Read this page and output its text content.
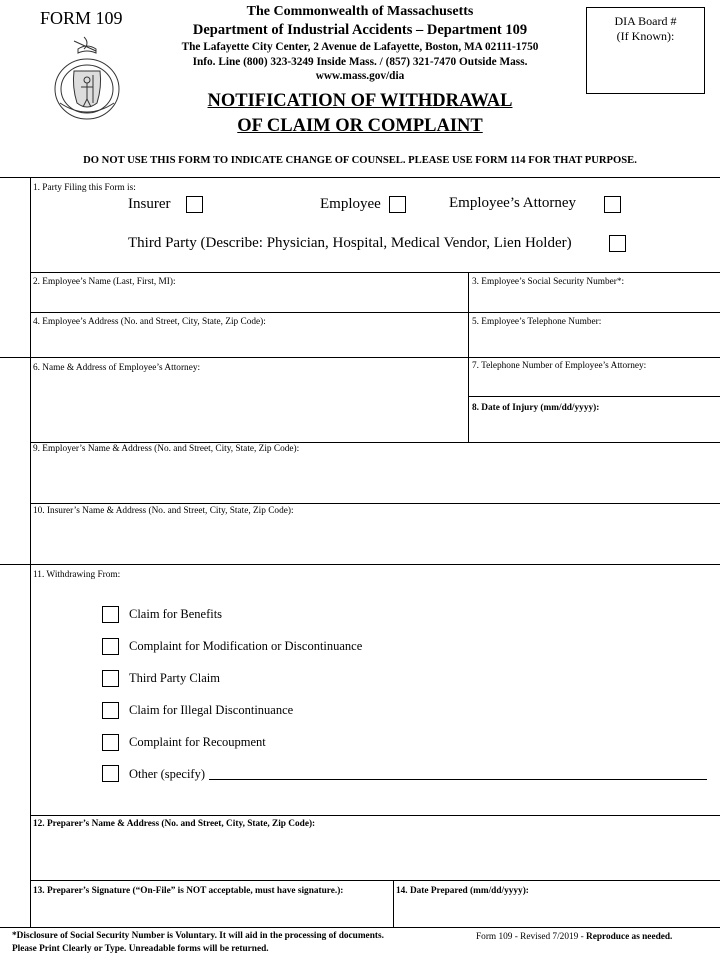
FORM 109	The Commonwealth of Massachusetts
Department of Industrial Accidents – Department 109
The Lafayette City Center, 2 Avenue de Lafayette, Boston, MA 02111-1750
Info. Line (800) 323-3249 Inside Mass. / (857) 321-7470 Outside Mass.
www.mass.gov/dia
DIA Board #
(If Known):
NOTIFICATION OF WITHDRAWAL
OF CLAIM OR COMPLAINT
DO NOT USE THIS FORM TO INDICATE CHANGE OF COUNSEL. PLEASE USE FORM 114 FOR THAT PURPOSE.
1. Party Filing this Form is:
Insurer	Employee	Employee’s Attorney
Third Party (Describe: Physician, Hospital, Medical Vendor, Lien Holder)
2. Employee’s Name (Last, First, MI):	3. Employee’s Social Security Number*:
4. Employee’s Address (No. and Street, City, State, Zip Code):	5. Employee’s Telephone Number:
6. Name & Address of Employee’s Attorney:	7. Telephone Number of Employee’s Attorney:
8. Date of Injury (mm/dd/yyyy):
9. Employer’s Name & Address (No. and Street, City, State, Zip Code):
10. Insurer’s Name & Address (No. and Street, City, State, Zip Code):
11. Withdrawing From:
Claim for Benefits
Complaint for Modification or Discontinuance
Third Party Claim
Claim for Illegal Discontinuance
Complaint for Recoupment
Other (specify)
12. Preparer’s Name & Address (No. and Street, City, State, Zip Code):
13. Preparer’s Signature (“On-File” is NOT acceptable, must have signature.):	14. Date Prepared (mm/dd/yyyy):
*Disclosure of Social Security Number is Voluntary. It will aid in the processing of documents.
Please Print Clearly or Type. Unreadable forms will be returned.
Form 109 - Revised 7/2019 - Reproduce as needed.
